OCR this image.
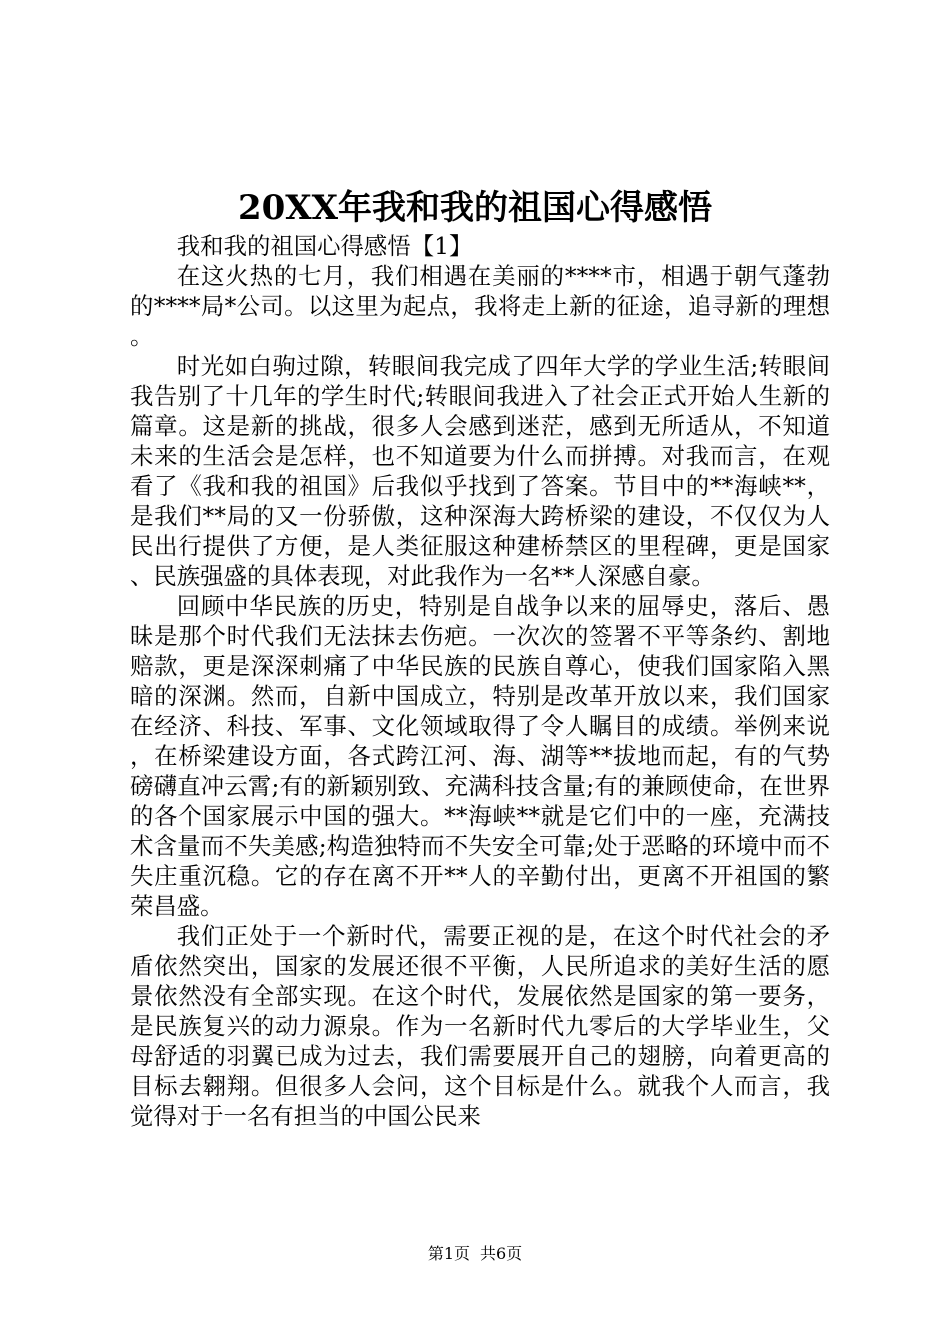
20XX年我和我的祖国心得感悟

我和我的祖国心得感悟【1】

在这火热的七月，我们相遇在美丽的****市，相遇于朝气蓬勃的****局*公司。以这里为起点，我将走上新的征途，追寻新的理想。

时光如白驹过隙，转眼间我完成了四年大学的学业生活;转眼间我告别了十几年的学生时代;转眼间我进入了社会正式开始人生新的篇章。这是新的挑战，很多人会感到迷茫，感到无所适从，不知道未来的生活会是怎样，也不知道要为什么而拼搏。对我而言，在观看了《我和我的祖国》后我似乎找到了答案。节目中的**海峡**，是我们**局的又一份骄傲，这种深海大跨桥梁的建设，不仅仅为人民出行提供了方便，是人类征服这种建桥禁区的里程碑，更是国家、民族强盛的具体表现，对此我作为一名**人深感自豪。

回顾中华民族的历史，特别是自战争以来的屈辱史，落后、愚昧是那个时代我们无法抹去伤疤。一次次的签署不平等条约、割地赔款，更是深深刺痛了中华民族的民族自尊心，使我们国家陷入黑暗的深渊。然而，自新中国成立，特别是改革开放以来，我们国家在经济、科技、军事、文化领域取得了令人瞩目的成绩。举例来说，在桥梁建设方面，各式跨江河、海、湖等**拔地而起，有的气势磅礴直冲云霄;有的新颖别致、充满科技含量;有的兼顾使命，在世界的各个国家展示中国的强大。**海峡**就是它们中的一座，充满技术含量而不失美感;构造独特而不失安全可靠;处于恶略的环境中而不失庄重沉稳。它的存在离不开**人的辛勤付出，更离不开祖国的繁荣昌盛。

我们正处于一个新时代，需要正视的是，在这个时代社会的矛盾依然突出，国家的发展还很不平衡，人民所追求的美好生活的愿景依然没有全部实现。在这个时代，发展依然是国家的第一要务，是民族复兴的动力源泉。作为一名新时代九零后的大学毕业生，父母舒适的羽翼已成为过去，我们需要展开自己的翅膀，向着更高的目标去翱翔。但很多人会问，这个目标是什么。就我个人而言，我觉得对于一名有担当的中国公民来

第1页 共6页
